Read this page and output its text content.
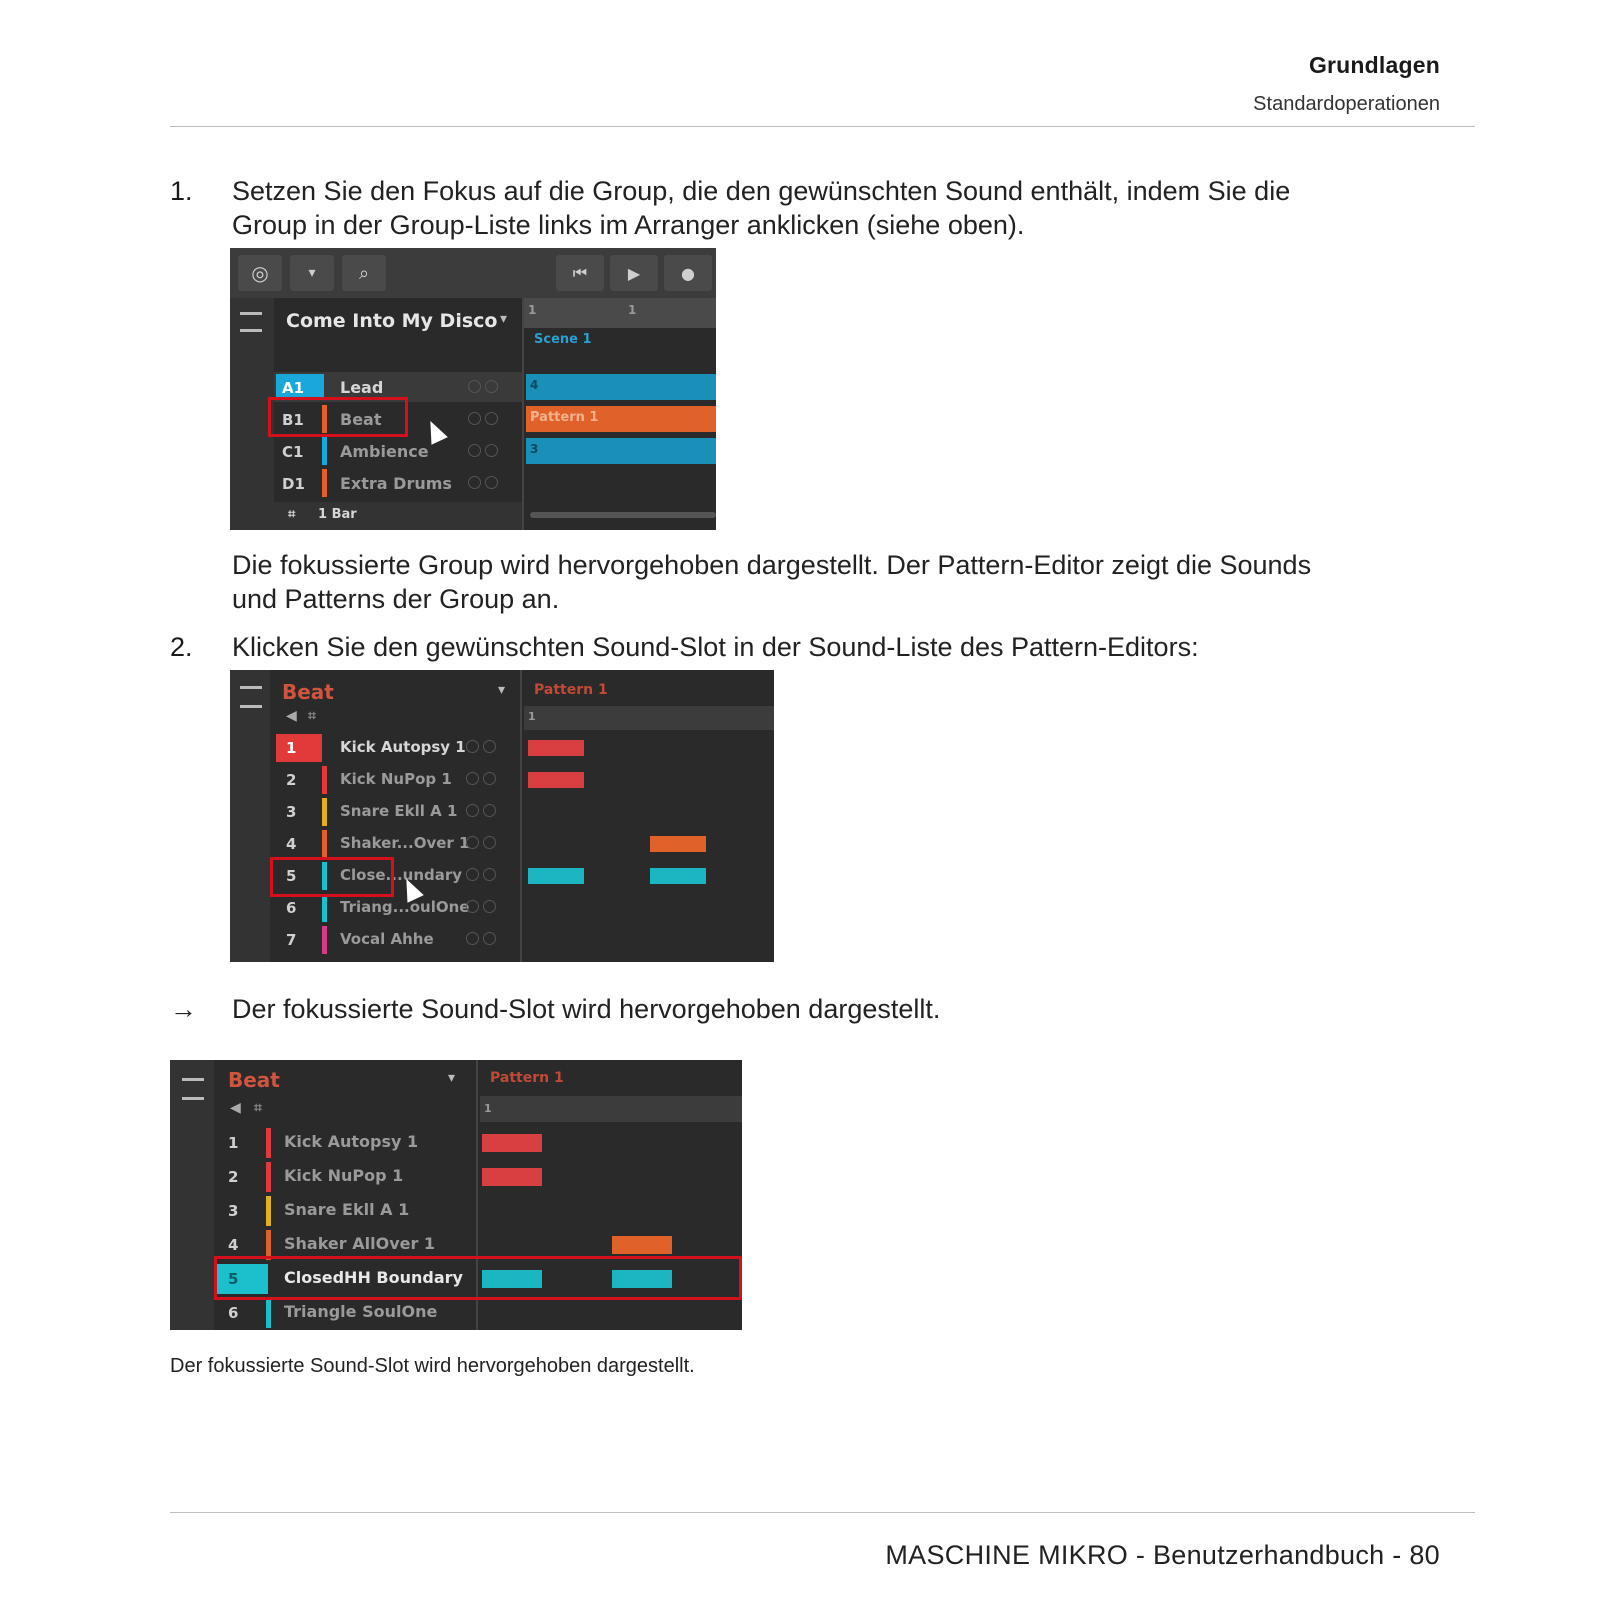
Grundlagen
Standardoperationen
1. Setzen Sie den Fokus auf die Group, die den gewünschten Sound enthält, indem Sie die
Group in der Group-Liste links im Arranger anklicken (siehe oben).
◎	▾	⌕	⏮	▶	●
Come Into My Disco ▾
1	1
Scene 1
A1 Lead
B1 Beat
C1 Ambience
D1 Extra Drums
4
Pattern 1
3
⌗ 1 Bar
Die fokussierte Group wird hervorgehoben dargestellt. Der Pattern-Editor zeigt die Sounds
und Patterns der Group an.
2. Klicken Sie den gewünschten Sound-Slot in der Sound-Liste des Pattern-Editors:
Beat	▾
◀ ⌗
Pattern 1
1
1	Kick Autopsy 1
2	Kick NuPop 1
3	Snare Ekll A 1
4	Shaker...Over 1
5	Close...undary
6	Triang...oulOne
7	Vocal Ahhe
→ Der fokussierte Sound-Slot wird hervorgehoben dargestellt.
Beat	▾
◀ ⌗
Pattern 1
1
1	Kick Autopsy 1
2	Kick NuPop 1
3	Snare Ekll A 1
4	Shaker AllOver 1
5	ClosedHH Boundary
6	Triangle SoulOne
Der fokussierte Sound-Slot wird hervorgehoben dargestellt.
MASCHINE MIKRO - Benutzerhandbuch - 80
